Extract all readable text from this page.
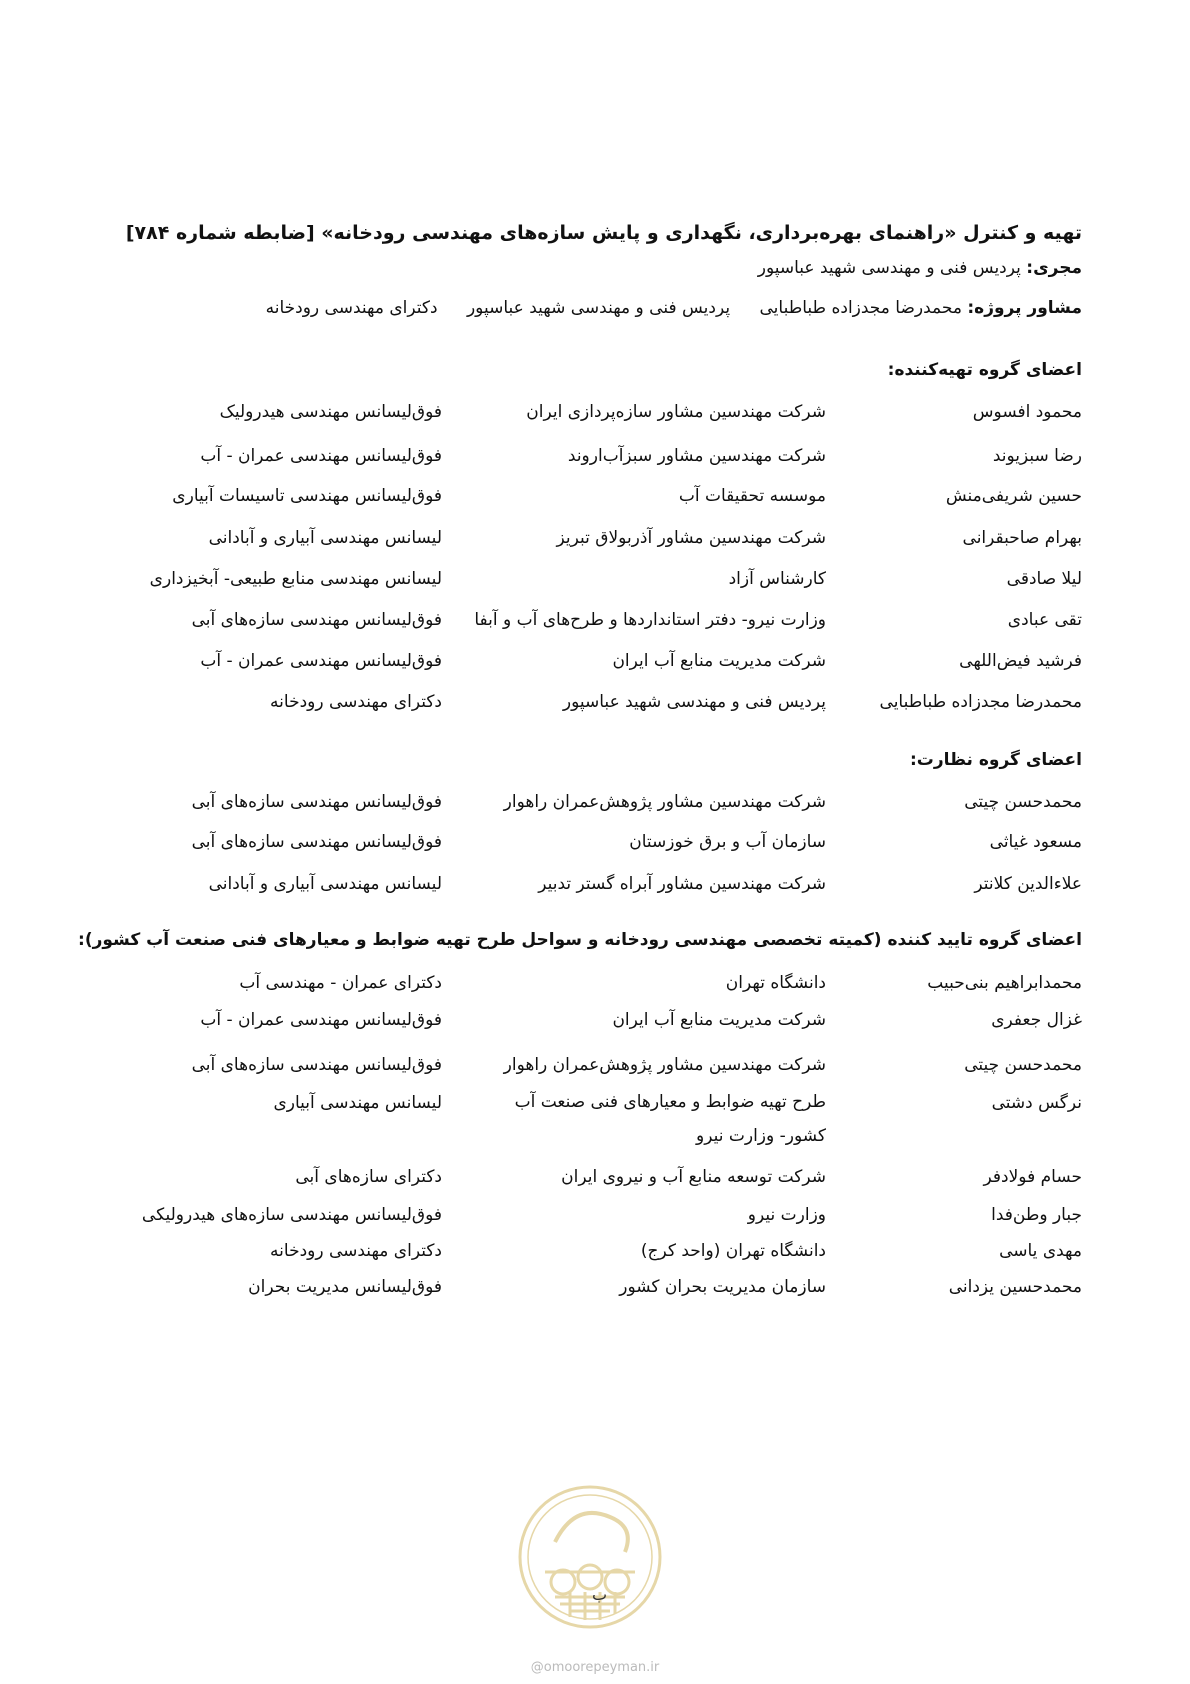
تهیه و کنترل «راهنمای بهره‌برداری، نگهداری و پایش سازه‌های مهندسی رودخانه» [ضابطه شماره ۷۸۴]
مجری: پردیس فنی و مهندسی شهید عباسپور
مشاور پروژه: محمدرضا مجدزاده طباطبایی پردیس فنی و مهندسی شهید عباسپور دکترای مهندسی رودخانه
اعضای گروه تهیه‌کننده:
محمود افسوس
شرکت مهندسین مشاور سازه‌پردازی ایران
فوق‌لیسانس مهندسی هیدرولیک
رضا سبزیوند
شرکت مهندسین مشاور سبزآب‌اروند
فوق‌لیسانس مهندسی عمران - آب
حسین شریفی‌منش
موسسه تحقیقات آب
فوق‌لیسانس مهندسی تاسیسات آبیاری
بهرام صاحبقرانی
شرکت مهندسین مشاور آذربولاق تبریز
لیسانس مهندسی آبیاری و آبادانی
لیلا صادقی
کارشناس آزاد
لیسانس مهندسی منابع طبیعی- آبخیزداری
تقی عبادی
وزارت نیرو- دفتر استانداردها و طرح‌های آب و آبفا
فوق‌لیسانس مهندسی سازه‌های آبی
فرشید فیض‌اللهی
شرکت مدیریت منابع آب ایران
فوق‌لیسانس مهندسی عمران - آب
محمدرضا مجدزاده طباطبایی
پردیس فنی و مهندسی شهید عباسپور
دکترای مهندسی رودخانه
اعضای گروه نظارت:
محمدحسن چیتی
شرکت مهندسین مشاور پژوهش‌عمران راهوار
فوق‌لیسانس مهندسی سازه‌های آبی
مسعود غیاثی
سازمان آب و برق خوزستان
فوق‌لیسانس مهندسی سازه‌های آبی
علاءالدین کلانتر
شرکت مهندسین مشاور آبراه گستر تدبیر
لیسانس مهندسی آبیاری و آبادانی
اعضای گروه تایید کننده (کمیته تخصصی مهندسی رودخانه و سواحل طرح تهیه ضوابط و معیارهای فنی صنعت آب کشور):
محمدابراهیم بنی‌حبیب
دانشگاه تهران
دکترای عمران - مهندسی آب
غزال جعفری
شرکت مدیریت منابع آب ایران
فوق‌لیسانس مهندسی عمران - آب
محمدحسن چیتی
شرکت مهندسین مشاور پژوهش‌عمران راهوار
فوق‌لیسانس مهندسی سازه‌های آبی
نرگس دشتی
طرح تهیه ضوابط و معیارهای فنی صنعت آب کشور- وزارت نیرو
لیسانس مهندسی آبیاری
حسام فولادفر
شرکت توسعه منابع آب و نیروی ایران
دکترای سازه‌های آبی
جبار وطن‌فدا
وزارت نیرو
فوق‌لیسانس مهندسی سازه‌های هیدرولیکی
مهدی یاسی
دانشگاه تهران (واحد کرج)
دکترای مهندسی رودخانه
محمدحسین یزدانی
سازمان مدیریت بحران کشور
فوق‌لیسانس مدیریت بحران
ب
@omoorepeyman.ir
